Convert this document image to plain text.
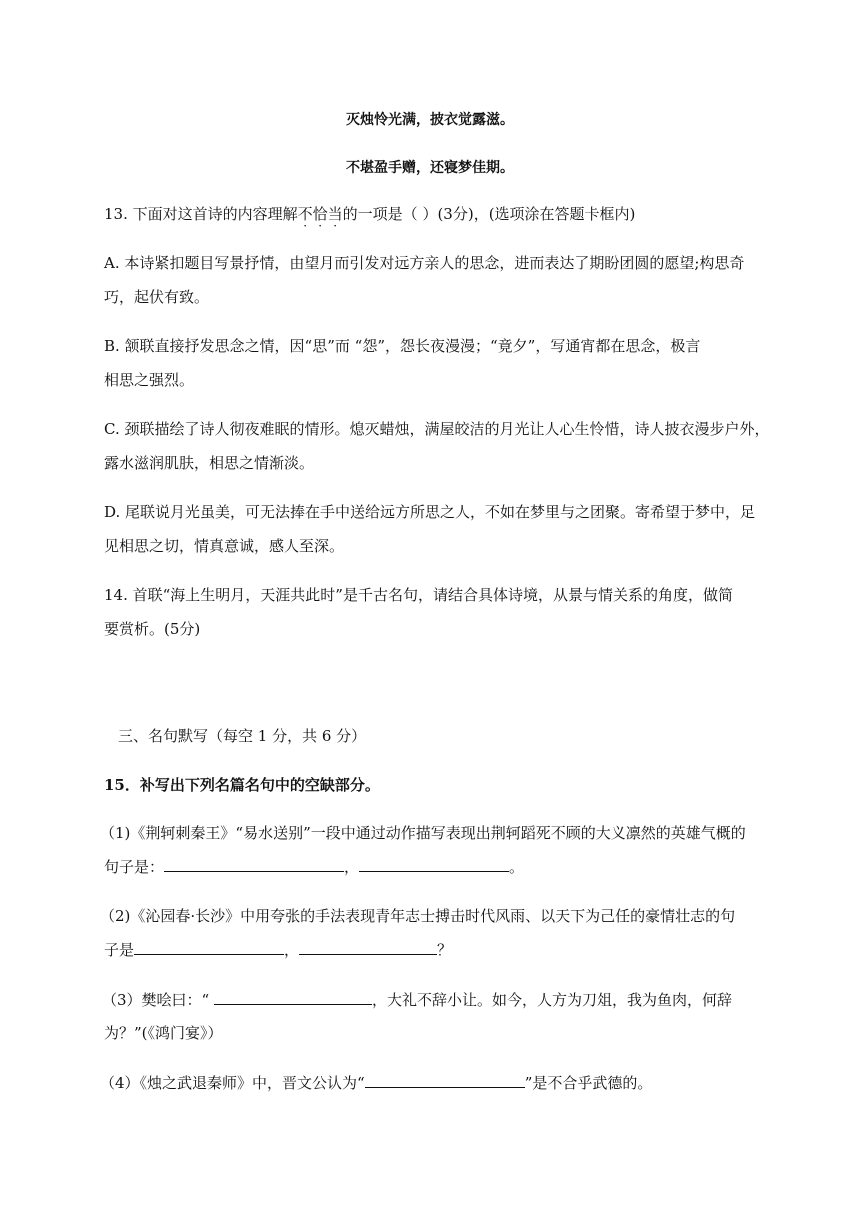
灭烛怜光满，披衣觉露滋。
不堪盈手赠，还寝梦佳期。
13. 下面对这首诗的内容理解不恰当的一项是（ ）(3分)，(选项涂在答题卡框内)
A. 本诗紧扣题目写景抒情，由望月而引发对远方亲人的思念，进而表达了期盼团圆的愿望;构思奇
巧，起伏有致。
B. 颔联直接抒发思念之情，因“思”而 “怨”，怨长夜漫漫；“竟夕”，写通宵都在思念，极言
相思之强烈。
C. 颈联描绘了诗人彻夜难眠的情形。熄灭蜡烛，满屋皎洁的月光让人心生怜惜，诗人披衣漫步户外，
露水滋润肌肤，相思之情渐淡。
D. 尾联说月光虽美，可无法捧在手中送给远方所思之人，不如在梦里与之团聚。寄希望于梦中，足
见相思之切，情真意诚，感人至深。
14. 首联“海上生明月，天涯共此时”是千古名句，请结合具体诗境，从景与情关系的角度，做简
要赏析。(5分)
三、名句默写（每空 1 分，共 6 分）
15．补写出下列名篇名句中的空缺部分。
（1)《荆轲刺秦王》“易水送别”一段中通过动作描写表现出荆轲蹈死不顾的大义凛然的英雄气概的
句子是：	，	。
（2)《沁园春·长沙》中用夸张的手法表现青年志士搏击时代风雨、以天下为己任的豪情壮志的句
子是	，	？
（3）樊哙曰：“	，大礼不辞小让。如今，人方为刀俎，我为鱼肉，何辞
为？”(《鸿门宴》）
（4）《烛之武退秦师》中，晋文公认为“	”是不合乎武德的。
